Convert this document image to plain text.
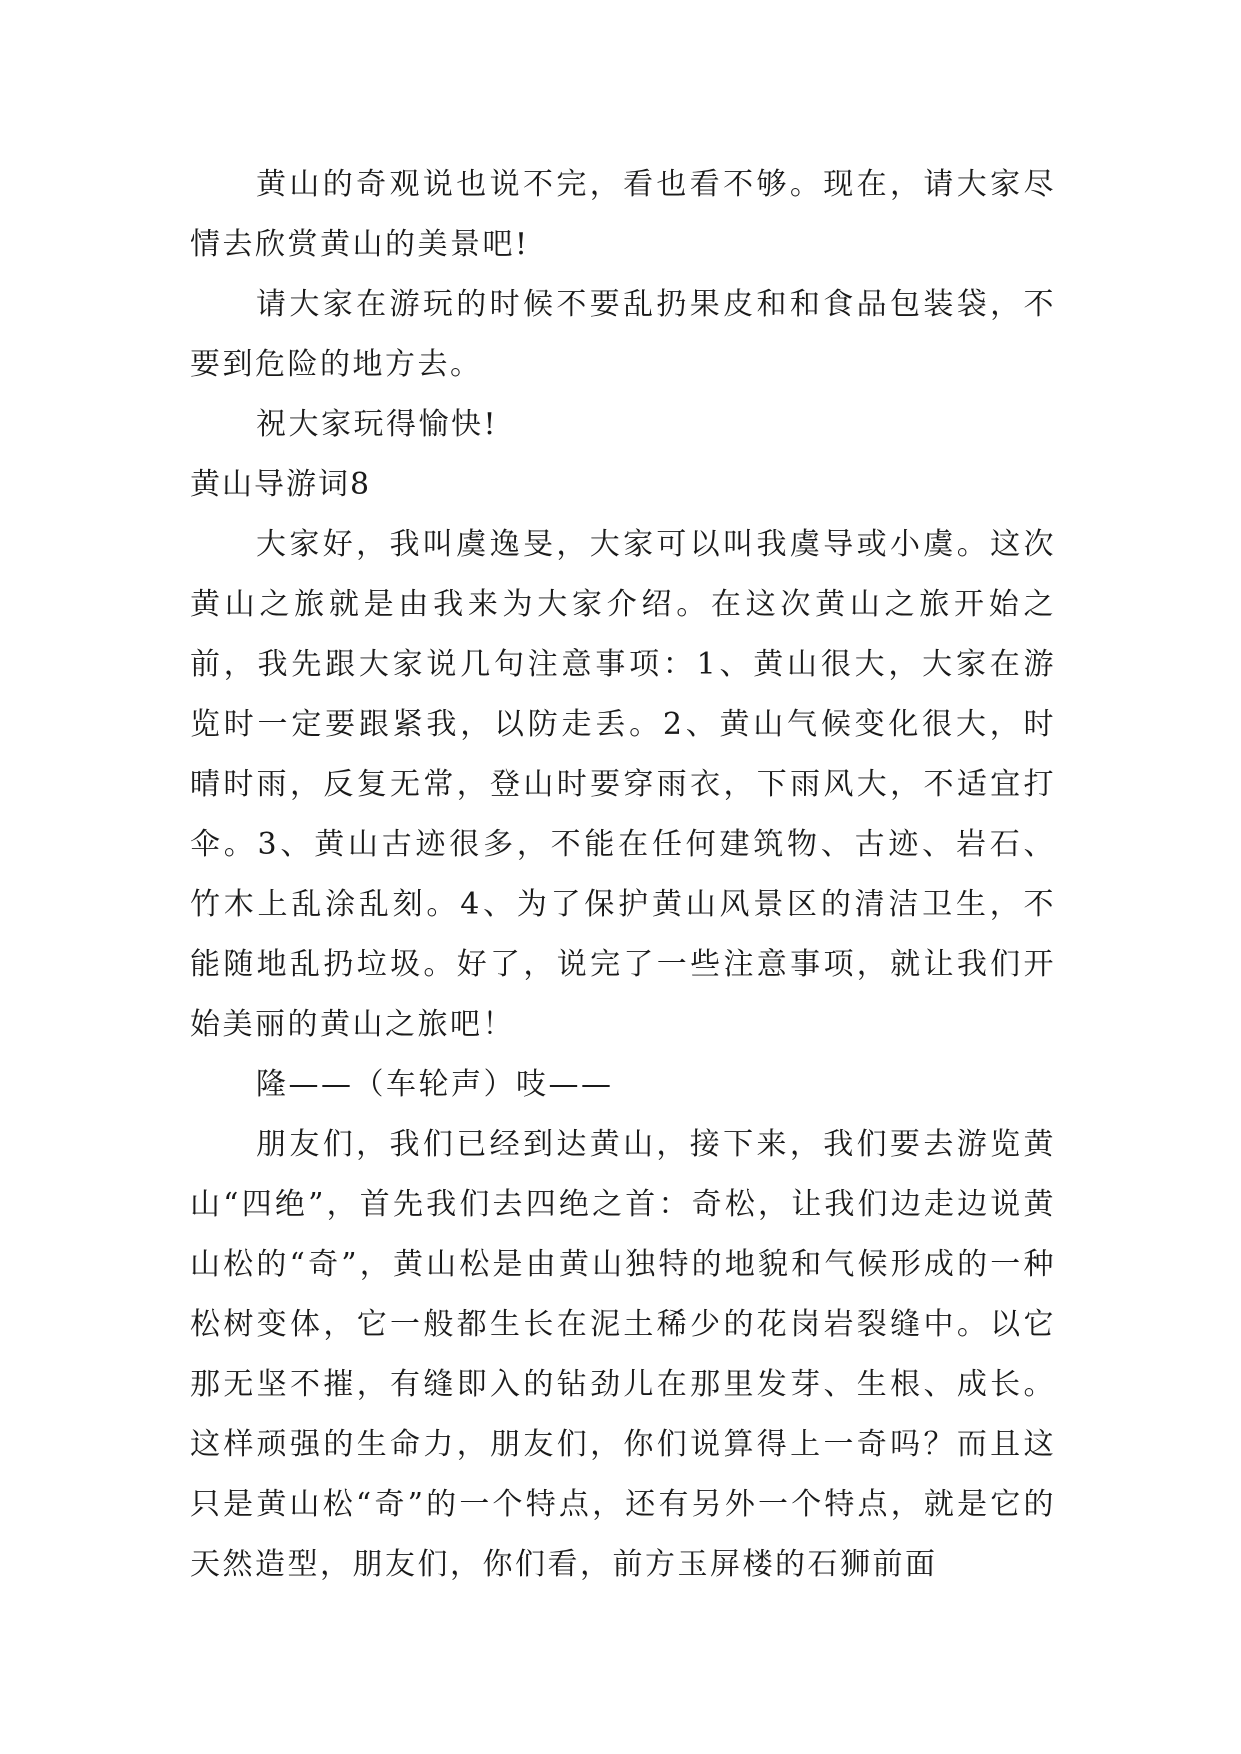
黄山的奇观说也说不完，看也看不够。现在，请大家尽情去欣赏黄山的美景吧!

请大家在游玩的时候不要乱扔果皮和和食品包装袋，不要到危险的地方去。

祝大家玩得愉快!

黄山导游词8

大家好，我叫虞逸旻，大家可以叫我虞导或小虞。这次黄山之旅就是由我来为大家介绍。在这次黄山之旅开始之前，我先跟大家说几句注意事项：1、黄山很大，大家在游览时一定要跟紧我，以防走丢。2、黄山气候变化很大，时晴时雨，反复无常，登山时要穿雨衣，下雨风大，不适宜打伞。3、黄山古迹很多，不能在任何建筑物、古迹、岩石、竹木上乱涂乱刻。4、为了保护黄山风景区的清洁卫生，不能随地乱扔垃圾。好了，说完了一些注意事项，就让我们开始美丽的黄山之旅吧！

隆——（车轮声）吱——

朋友们，我们已经到达黄山，接下来，我们要去游览黄山“四绝”，首先我们去四绝之首：奇松，让我们边走边说黄山松的“奇”，黄山松是由黄山独特的地貌和气候形成的一种松树变体，它一般都生长在泥土稀少的花岗岩裂缝中。以它那无坚不摧，有缝即入的钻劲儿在那里发芽、生根、成长。这样顽强的生命力，朋友们，你们说算得上一奇吗？而且这只是黄山松“奇”的一个特点，还有另外一个特点，就是它的天然造型，朋友们，你们看，前方玉屏楼的石狮前面
